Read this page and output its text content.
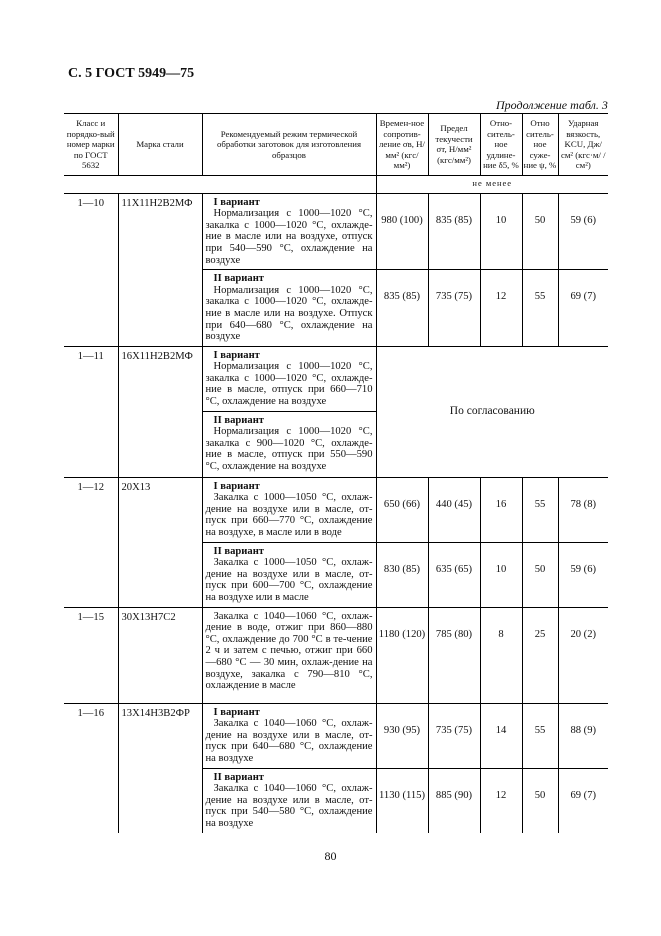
С. 5 ГОСТ 5949—75
Продолжение табл. 3
Класс и порядко-вый номер марки по ГОСТ 5632	Марка стали	Рекомендуемый режим термической обработки заготовок для изготовления образцов	Времен-ное сопротив-ление σв, Н/мм² (кгс/мм²)	Предел текучести σт, Н/мм² (кгс/мм²)	Отно-ситель-ное удлине-ние δ5, %	Отно ситель-ное суже-ние ψ, %	Ударная вязкость, KCU, Дж/см² (кгс·м/ /см²)
			не менее				
1—10	11Х11Н2В2МФ	I вариант
Нормализация с 1000—1020 °С, закалка с 1000—1020 °С, охлажде-ние в масле или на воздухе, отпуск при 540—590 °С, охлаждение на воздухе	980 (100)	835 (85)	10	50	59 (6)

		II вариант
Нормализация с 1000—1020 °С, закалка с 1000—1020 °С, охлажде-ние в масле или на воздухе. Отпуск при 640—680 °С, охлаждение на воздухе	835 (85)	735 (75)	12	55	69 (7)
1—11	16Х11Н2В2МФ	I вариант
Нормализация с 1000—1020 °С, закалка с 1000—1020 °С, охлажде-ние в масле, отпуск при 660—710 °С, охлаждение на воздухе	По согласованию				

		II вариант
Нормализация с 1000—1020 °С, закалка с 900—1020 °С, охлажде-ние в масле, отпуск при 550—590 °С, охлаждение на воздухе					

1—12	20Х13	I вариант
Закалка с 1000—1050 °С, охлаж-дение на воздухе или в масле, от-пуск при 660—770 °С, охлаждение на воздухе, в масле или в воде	650 (66)	440 (45)	16	55	78 (8)

		II вариант
Закалка с 1000—1050 °С, охлаж-дение на воздухе или в масле, от-пуск при 600—700 °С, охлаждение на воздухе или в масле	830 (85)	635 (65)	10	50	59 (6)
1—15	30Х13Н7С2	Закалка с 1040—1060 °С, охлаж-дение в воде, отжиг при 860—880 °С, охлаждение до 700 °С в те-чение 2 ч и затем с печью, отжиг при 660—680 °С — 30 мин, охлаж-дение на воздухе, закалка с 790—810 °С, охлаждение в масле	1180 (120)	785 (80)	8	25	20 (2)
1—16	13Х14Н3В2ФР	I вариант
Закалка с 1040—1060 °С, охлаж-дение на воздухе или в масле, от-пуск при 640—680 °С, охлаждение на воздухе	930 (95)	735 (75)	14	55	88 (9)

		II вариант
Закалка с 1040—1060 °С, охлаж-дение на воздухе или в масле, от-пуск при 540—580 °С, охлаждение на воздухе	1130 (115)	885 (90)	12	50	69 (7)
80
